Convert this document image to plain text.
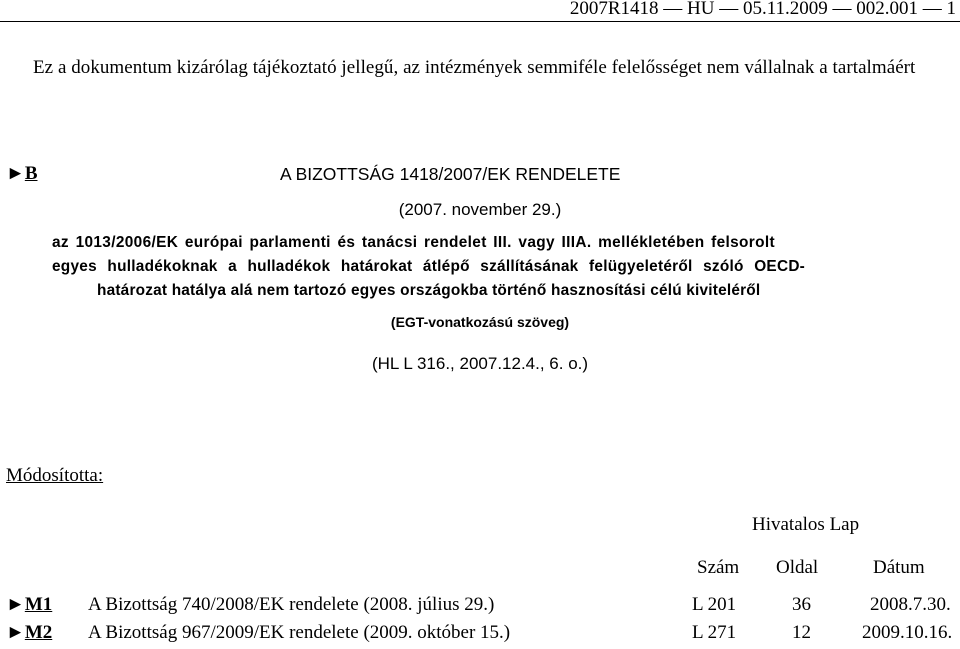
2007R1418 — HU — 05.11.2009 — 002.001 — 1
Ez a dokumentum kizárólag tájékoztató jellegű, az intézmények semmiféle felelősséget nem vállalnak a tartalmáért
►B	A BIZOTTSÁG 1418/2007/EK RENDELETE
(2007. november 29.)
az 1013/2006/EK európai parlamenti és tanácsi rendelet III. vagy IIIA. mellékletében felsorolt
egyes hulladékoknak a hulladékok határokat átlépő szállításának felügyeletéről szóló OECD-
határozat hatálya alá nem tartozó egyes országokba történő hasznosítási célú kiviteléről
(EGT-vonatkozású szöveg)
(HL L 316., 2007.12.4., 6. o.)
Módosította:
Hivatalos Lap
Szám Oldal	Dátum
►M1 A Bizottság 740/2008/EK rendelete (2008. július 29.)	L 201	36	2008.7.30.
►M2 A Bizottság 967/2009/EK rendelete (2009. október 15.)	L 271	12	2009.10.16.
